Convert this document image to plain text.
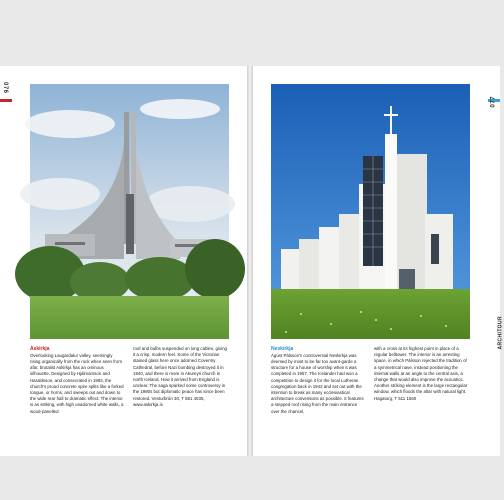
076
077
ARCHITOUR
Askirkja
Overlooking Laugardalur valley, seemingly rising organically from the rock when seen from afar, brutalist Askirkja has an ominous silhouette. Designed by Hjálmarsson and Haraldsson, and consecrated in 1983, the church's proud concrete spire splits like a forked tongue, or horns, and sweeps out and down to the wide rear hall to dramatic effect. The interior is as striking, with high unadorned white walls, a wood-panelled
roof and bulbs suspended on long cables, giving it a crisp, modern feel. Some of the Victorian stained glass here once adorned Coventry Cathedral, before Nazi bombing destroyed it in 1940, and there is more in Akureyri church in north Iceland. How it arrived from England is unclear. The saga sparked some controversy in the 1980s but diplomatic peace has since been restored. Vesturbrún 30, T 581 4035, www.askirkja.is
Neskirkja
Ágúst Pálsson's controversial Neskirkja was deemed by most to be far too avant-garde a structure for a house of worship when it was completed in 1957. The Icelander had won a competition to design it for the local Lutheran congregation back in 1942 and set out with the intention to break as many ecclesiastical architecture conventions as possible. It features a stepped roof rising from the main entrance over the chancel,
with a cross at its highest point in place of a regular belltower. The interior is an arresting space, in which Pálsson rejected the tradition of a symmetrical nave, instead positioning the internal walls at an angle to the central axis, a change that would also improve the acoustics. Another striking element is the large rectangular window, which floods the altar with natural light. Hagatorg, T 511 1560
